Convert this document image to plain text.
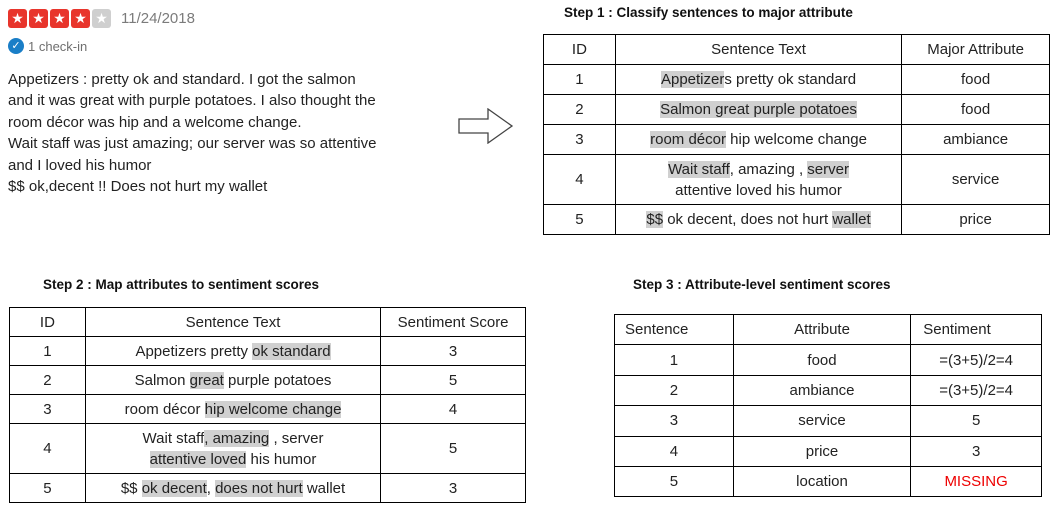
★ ★ ★ ★ ★ 11/24/2018
✓ 1 check-in
Appetizers : pretty ok and standard. I got the salmon
and it was great with purple potatoes. I also thought the
room décor was hip and a welcome change.
Wait staff was just amazing; our server was so attentive
and I loved his humor
$$ ok,decent !! Does not hurt my wallet
Step 1 : Classify sentences to major attribute
ID	Sentence Text	Major Attribute
1	Appetizers pretty ok standard	food
2	Salmon great purple potatoes	food
3	room décor hip welcome change	ambiance
4	Wait staff, amazing , server
attentive loved his humor	service
5	$$ ok decent, does not hurt wallet	price
Step 2 : Map attributes to sentiment scores
ID	Sentence Text	Sentiment Score
1	Appetizers pretty ok standard	3
2	Salmon great purple potatoes	5
3	room décor hip welcome change	4
4	Wait staff, amazing , server
attentive loved his humor	5
5	$$ ok decent, does not hurt wallet	3
Step 3 : Attribute-level sentiment scores
Sentence	Attribute	Sentiment
1	food	=(3+5)/2=4
2	ambiance	=(3+5)/2=4
3	service	5
4	price	3
5	location	MISSING
